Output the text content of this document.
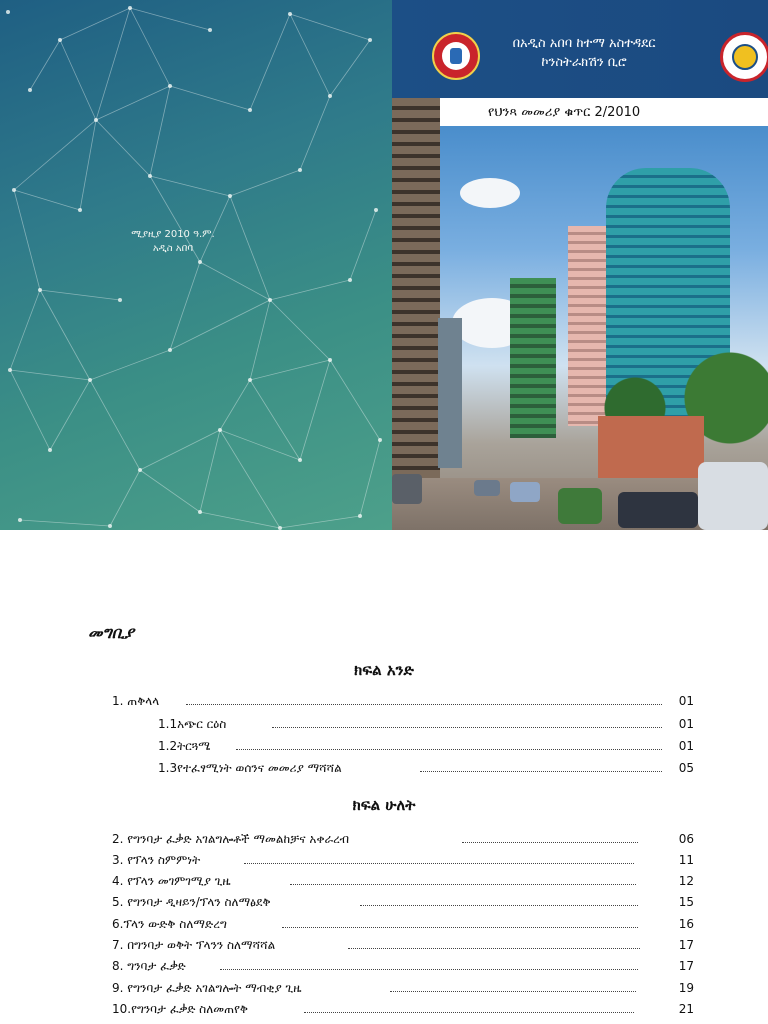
ሚያዚያ 2010 ዓ.ም.
አዲስ አበባ
በአዲስ አበባ ከተማ አስተዳደር
ኮንስትራክሽን ቢሮ
የህንጻ መመሪያ ቁጥር 2/2010
መግቢያ
ክፍል አንድ
1. ጠቅላላ	01
1.1አጭር ርዕስ	01
1.2ትርጓሜ	01
1.3የተፈፃሚነት ወሰንና መመሪያ ማሻሻል	05
ክፍል ሁለት
2. የግንባታ ፈቃድ አገልግሎቶች ማመልከቻና አቀራረብ	06
3. የፕላን ስምምነት	11
4. የፕላን መገምገሚያ ጊዜ	12
5. የግንባታ ዲዛይን/ፕላን ስለማፅደቅ	15
6.ፕላን ውድቅ ስለማድረግ	16
7. በግንባታ ወቅት ፕላንን ስለማሻሻል	17
8. ግንባታ ፈቃድ	17
9. የግንባታ ፈቃድ አገልግሎት ማብቂያ ጊዜ	19
10.የግንባታ ፈቃድ ስለመጠየቅ	21
